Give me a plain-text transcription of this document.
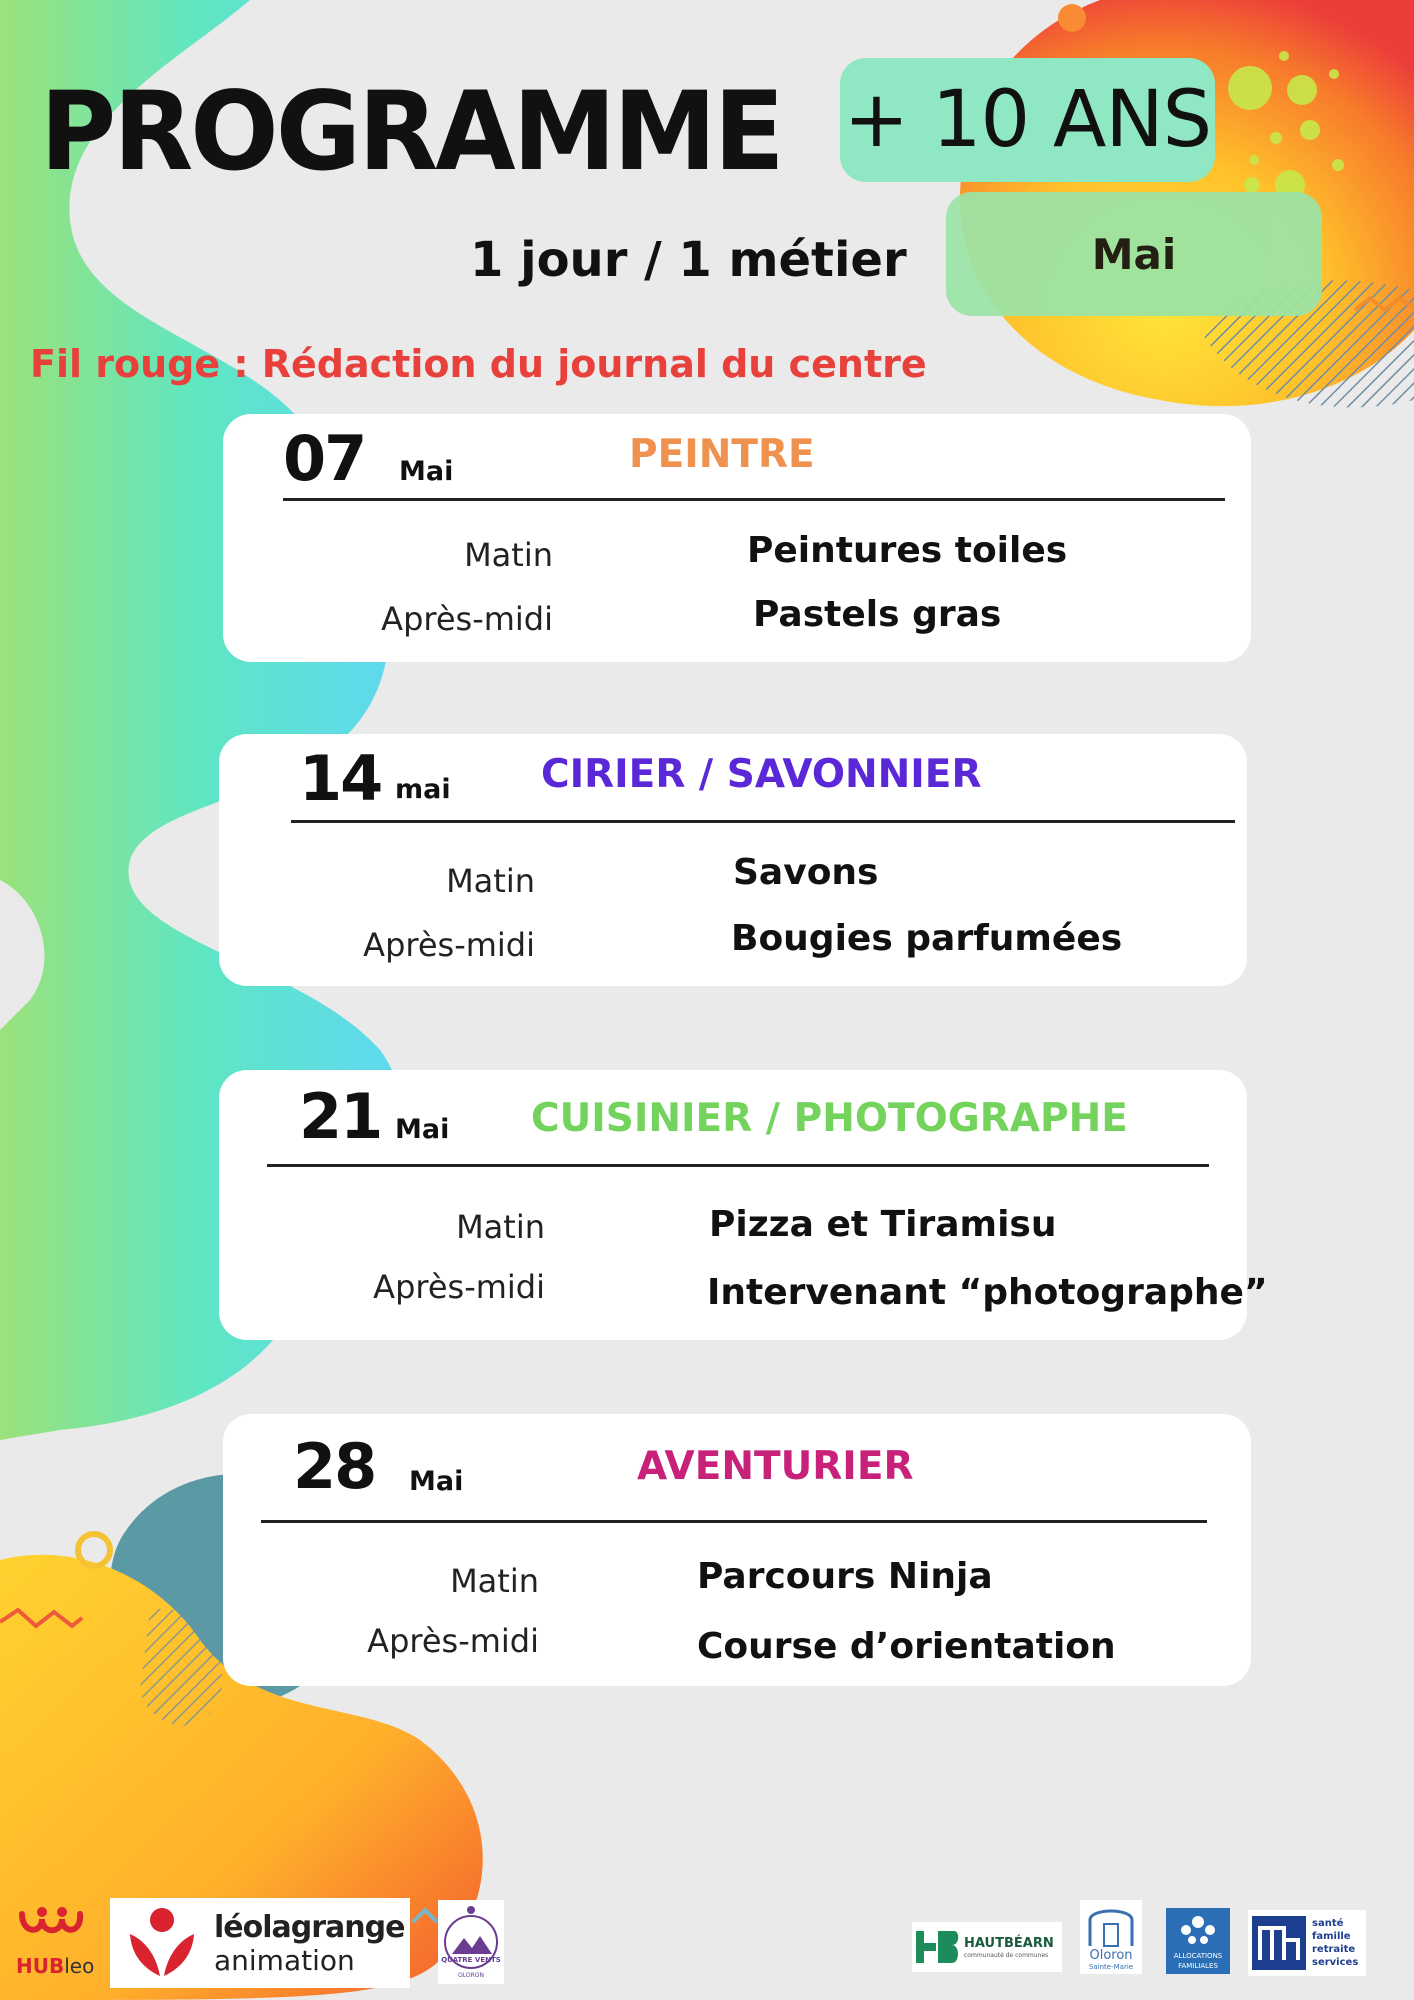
PROGRAMME + 10 ANS
Mai
1 jour / 1 métier
Fil rouge : Rédaction du journal du centre
07 Mai	PEINTRE
Matin	Peintures toiles
Après-midi	Pastels gras
14 mai CIRIER / SAVONNIER
Matin	Savons
Après-midi	Bougies parfumées
21 Mai CUISINIER / PHOTOGRAPHE
Matin	Pizza et Tiramisu
Après-midi	Intervenant “photographe”
28 Mai	AVENTURIER
Matin	Parcours Ninja
Après-midi	Course d’orientation
HUBleo
léolagrange
animation	QUATRE VENTS
OLORON
HAUTBÉARN
communauté de communes	Oloron
Sainte-Marie
ALLOCATIONS
FAMILIALES
santé
famille
retraite
services
